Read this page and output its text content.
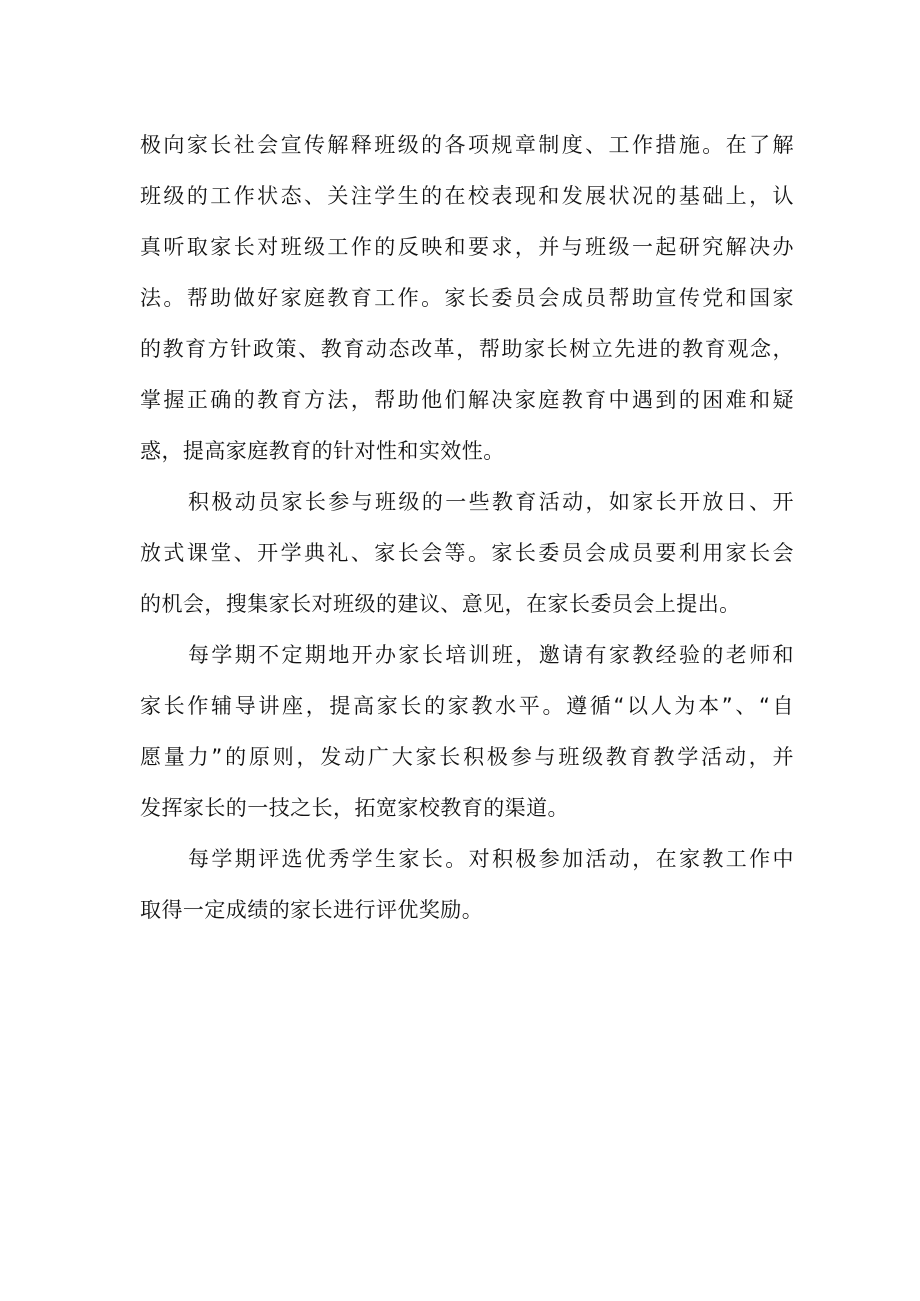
极向家长社会宣传解释班级的各项规章制度、工作措施。在了解
班级的工作状态、关注学生的在校表现和发展状况的基础上，认
真听取家长对班级工作的反映和要求，并与班级一起研究解决办
法。帮助做好家庭教育工作。家长委员会成员帮助宣传党和国家
的教育方针政策、教育动态改革，帮助家长树立先进的教育观念，
掌握正确的教育方法，帮助他们解决家庭教育中遇到的困难和疑
惑，提高家庭教育的针对性和实效性。
积极动员家长参与班级的一些教育活动，如家长开放日、开
放式课堂、开学典礼、家长会等。家长委员会成员要利用家长会
的机会，搜集家长对班级的建议、意见，在家长委员会上提出。
每学期不定期地开办家长培训班，邀请有家教经验的老师和
家长作辅导讲座，提高家长的家教水平。遵循“以人为本”、“自
愿量力”的原则，发动广大家长积极参与班级教育教学活动，并
发挥家长的一技之长，拓宽家校教育的渠道。
每学期评选优秀学生家长。对积极参加活动，在家教工作中
取得一定成绩的家长进行评优奖励。
